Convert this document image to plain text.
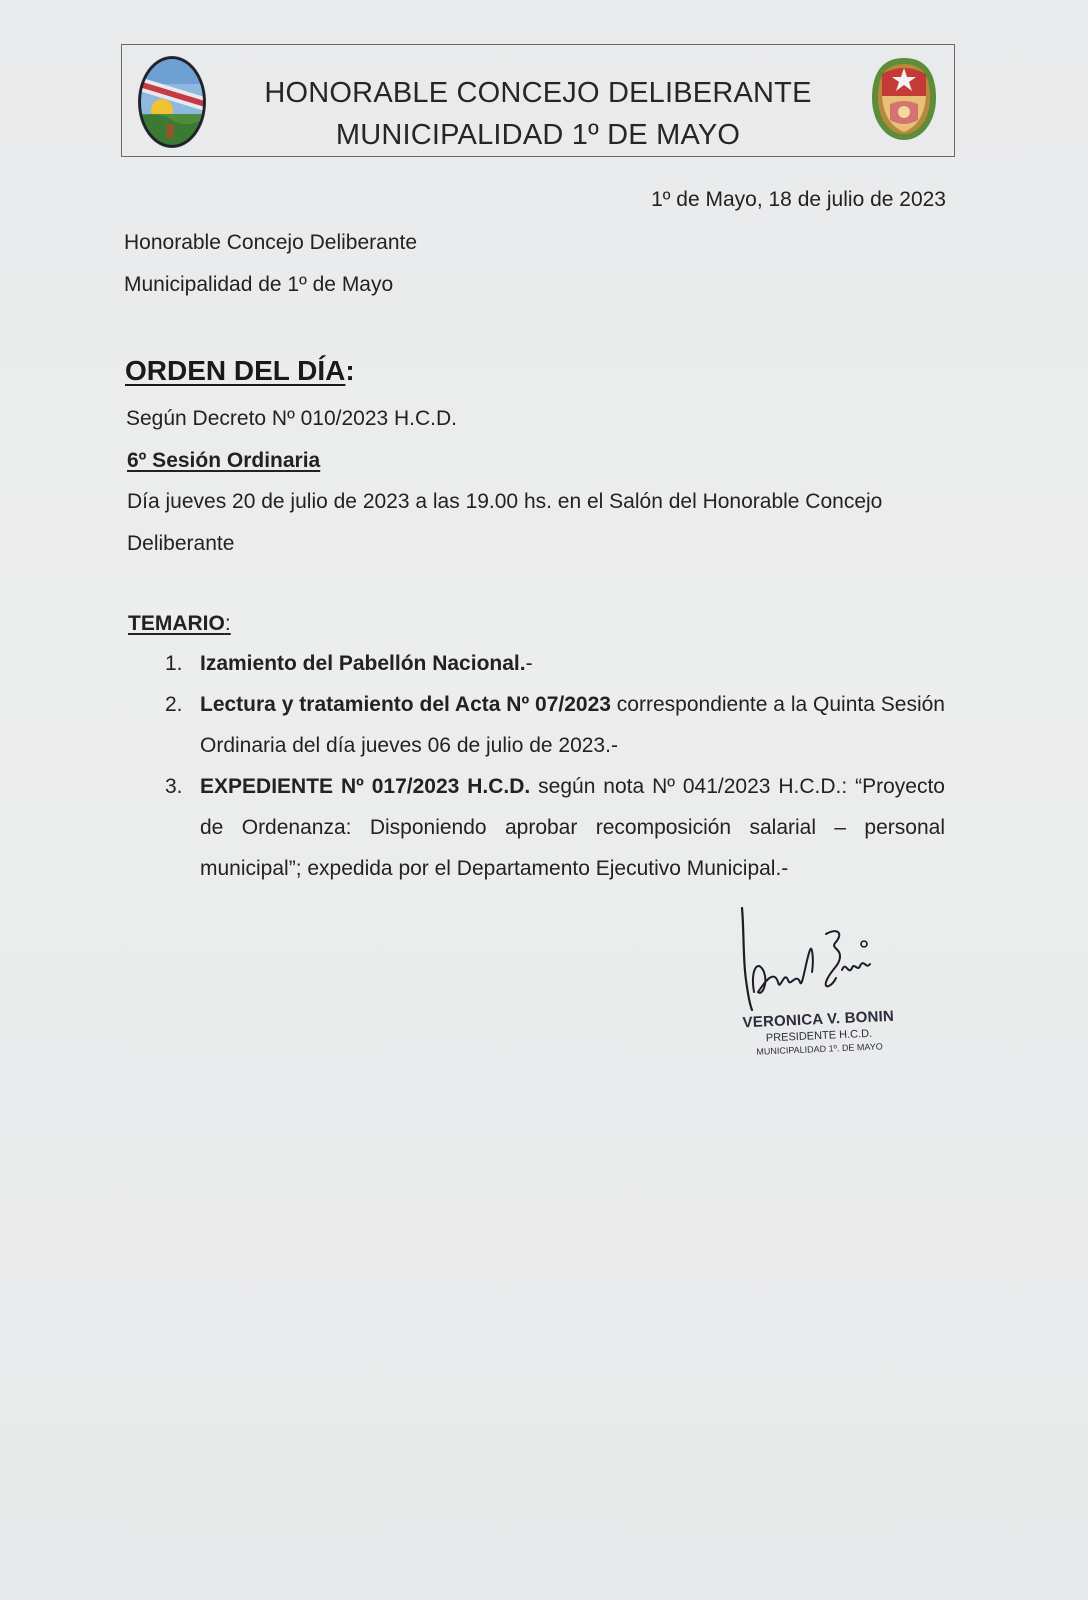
HONORABLE CONCEJO DELIBERANTE
MUNICIPALIDAD 1º DE MAYO
1º de Mayo, 18 de julio de 2023
Honorable Concejo Deliberante
Municipalidad de 1º de Mayo
ORDEN DEL DÍA:
Según Decreto Nº 010/2023 H.C.D.
6º Sesión Ordinaria
Día jueves 20 de julio de 2023 a las 19.00 hs. en el Salón del Honorable Concejo Deliberante
TEMARIO:
1. Izamiento del Pabellón Nacional.-
2. Lectura y tratamiento del Acta Nº 07/2023 correspondiente a la Quinta Sesión Ordinaria del día jueves 06 de julio de 2023.-
3. EXPEDIENTE Nº 017/2023 H.C.D. según nota Nº 041/2023 H.C.D.: “Proyecto de Ordenanza: Disponiendo aprobar recomposición salarial – personal municipal”; expedida por el Departamento Ejecutivo Municipal.-
VERONICA V. BONIN
PRESIDENTE H.C.D.
MUNICIPALIDAD 1º. DE MAYO
